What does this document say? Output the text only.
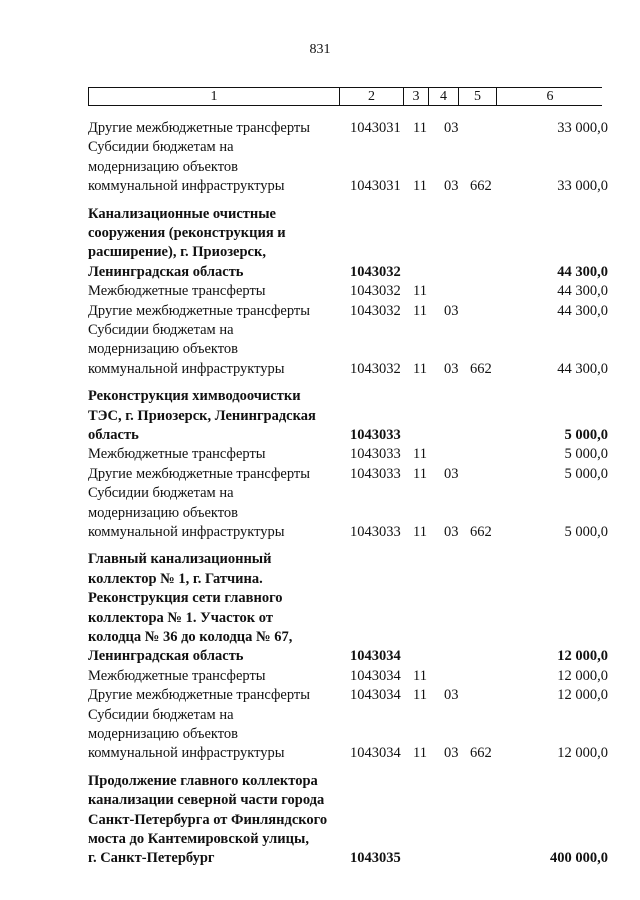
831
1	2	3	4	5	6
Другие межбюджетные трансферты	1043031 11 03	33 000,0
Субсидии бюджетам на
модернизацию объектов
коммунальной инфраструктуры	1043031 11 03 662	33 000,0
Канализационные очистные
сооружения (реконструкция и
расширение), г. Приозерск,
Ленинградская область	1043032	44 300,0
Межбюджетные трансферты	1043032 11	44 300,0
Другие межбюджетные трансферты	1043032 11 03	44 300,0
Субсидии бюджетам на
модернизацию объектов
коммунальной инфраструктуры	1043032 11 03 662	44 300,0
Реконструкция химводоочистки
ТЭС, г. Приозерск, Ленинградская
область	1043033	5 000,0
Межбюджетные трансферты	1043033 11	5 000,0
Другие межбюджетные трансферты	1043033 11 03	5 000,0
Субсидии бюджетам на
модернизацию объектов
коммунальной инфраструктуры	1043033 11 03 662	5 000,0
Главный канализационный
коллектор № 1, г. Гатчина.
Реконструкция сети главного
коллектора № 1. Участок от
колодца № 36 до колодца № 67,
Ленинградская область	1043034	12 000,0
Межбюджетные трансферты	1043034 11	12 000,0
Другие межбюджетные трансферты	1043034 11 03	12 000,0
Субсидии бюджетам на
модернизацию объектов
коммунальной инфраструктуры	1043034 11 03 662	12 000,0
Продолжение главного коллектора
канализации северной части города
Санкт-Петербурга от Финляндского
моста до Кантемировской улицы,
г. Санкт-Петербург	1043035	400 000,0
